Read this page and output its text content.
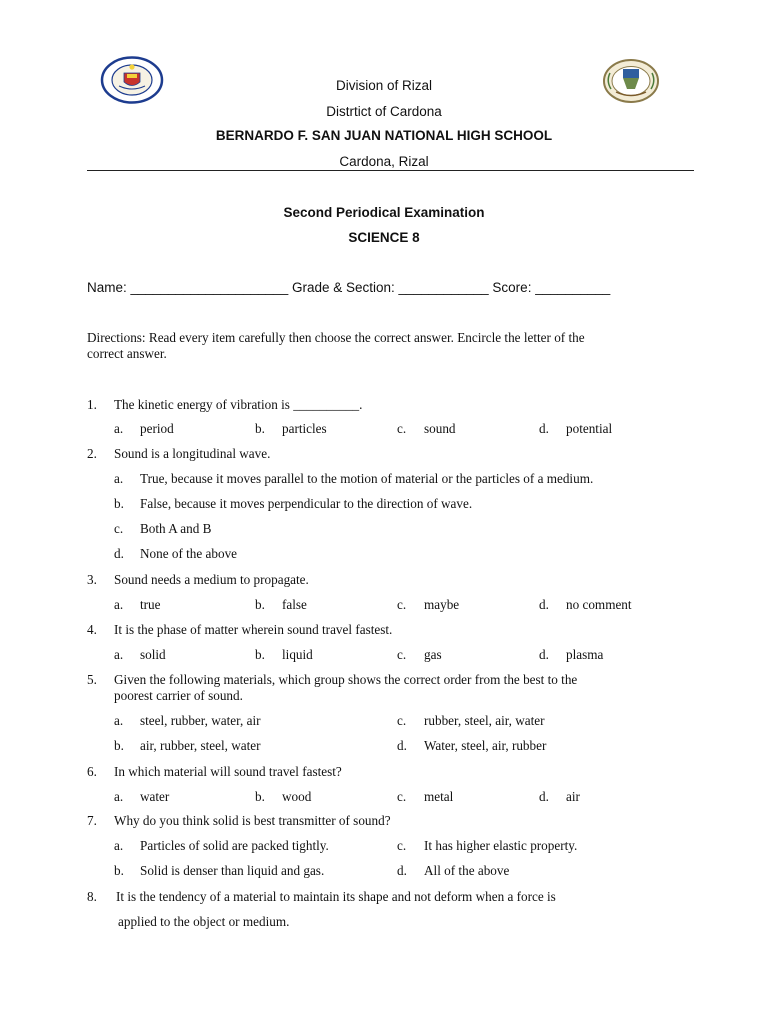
Division of Rizal
Distrtict of Cardona
BERNARDO F. SAN JUAN NATIONAL HIGH SCHOOL
Cardona, Rizal
Second Periodical Examination
SCIENCE 8
Name: _____________________ Grade & Section: ____________ Score: __________
Directions: Read every item carefully then choose the correct answer. Encircle the letter of the
correct answer.
1. The kinetic energy of vibration is __________.
a. period	b. particles	c. sound	d. potential
2. Sound is a longitudinal wave.
a. True, because it moves parallel to the motion of material or the particles of a medium.
b. False, because it moves perpendicular to the direction of wave.
c. Both A and B
d. None of the above
3. Sound needs a medium to propagate.
a. true	b. false	c. maybe	d. no comment
4. It is the phase of matter wherein sound travel fastest.
a. solid	b. liquid	c. gas	d. plasma
5. Given the following materials, which group shows the correct order from the best to the
poorest carrier of sound.
a. steel, rubber, water, air	c. rubber, steel, air, water
b. air, rubber, steel, water	d. Water, steel, air, rubber
6. In which material will sound travel fastest?
a. water	b. wood	c. metal	d. air
7. Why do you think solid is best transmitter of sound?
a. Particles of solid are packed tightly.	c. It has higher elastic property.
b. Solid is denser than liquid and gas.	d. All of the above
8. It is the tendency of a material to maintain its shape and not deform when a force is
applied to the object or medium.
